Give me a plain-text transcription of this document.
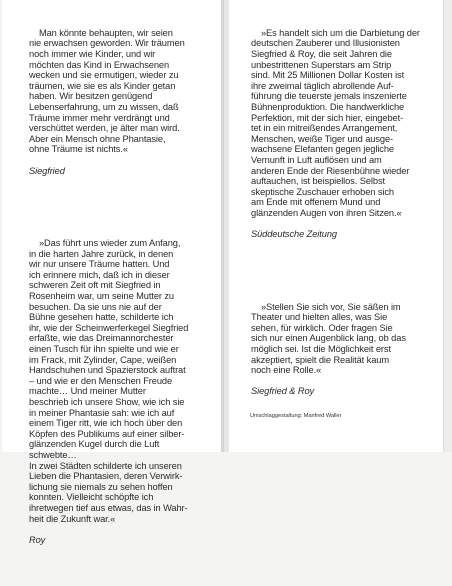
Man könnte behaupten, wir seien
nie erwachsen geworden. Wir träumen
noch immer wie Kinder, und wir
möchten das Kind in Erwachsenen
wecken und sie ermutigen, wieder zu
träumen, wie sie es als Kinder getan
haben. Wir besitzen genügend
Lebenserfahrung, um zu wissen, daß
Träume immer mehr verdrängt und
verschüttet werden, je älter man wird.
Aber ein Mensch ohne Phantasie,
ohne Träume ist nichts.«

Siegfried

»Das führt uns wieder zum Anfang,
in die harten Jahre zurück, in denen
wir nur unsere Träume hatten. Und
ich erinnere mich, daß ich in dieser
schweren Zeit oft mit Siegfried in
Rosenheim war, um seine Mutter zu
besuchen. Da sie uns nie auf der
Bühne gesehen hatte, schilderte ich
ihr, wie der Scheinwerferkegel Siegfried
erfaßte, wie das Dreimannorchester
einen Tusch für ihn spielte und wie er
im Frack, mit Zylinder, Cape, weißen
Handschuhen und Spazierstock auftrat
– und wie er den Menschen Freude
machte… Und meiner Mutter
beschrieb ich unsere Show, wie ich sie
in meiner Phantasie sah: wie ich auf
einem Tiger ritt, wie ich hoch über den
Köpfen des Publikums auf einer silber-
glänzenden Kugel durch die Luft
schwebte…
In zwei Städten schilderte ich unseren
Lieben die Phantasien, deren Verwirk-
lichung sie niemals zu sehen hoffen
konnten. Vielleicht schöpfte ich
ihretwegen tief aus etwas, das in Wahr-
heit die Zukunft war.«

Roy

»Es handelt sich um die Darbietung der
deutschen Zauberer und Illusionisten
Siegfried & Roy, die seit Jahren die
unbestrittenen Superstars am Strip
sind. Mit 25 Millionen Dollar Kosten ist
ihre zweimal täglich abrollende Auf-
führung die teuerste jemals inszenierte
Bühnenproduktion. Die handwerkliche
Perfektion, mit der sich hier, eingebet-
tet in ein mitreißendes Arrangement,
Menschen, weiße Tiger und ausge-
wachsene Elefanten gegen jegliche
Vernunft in Luft auflösen und am
anderen Ende der Riesenbühne wieder
auftauchen, ist beispiellos. Selbst
skeptische Zuschauer erhoben sich
am Ende mit offenem Mund und
glänzenden Augen von ihren Sitzen.«

Süddeutsche Zeitung

»Stellen Sie sich vor, Sie säßen im
Theater und hielten alles, was Sie
sehen, für wirklich. Oder fragen Sie
sich nur einen Augenblick lang, ob das
möglich sei. Ist die Möglichkeit erst
akzeptiert, spielt die Realität kaum
noch eine Rolle.«

Siegfried & Roy

Umschlaggestaltung: Manfred Waller
